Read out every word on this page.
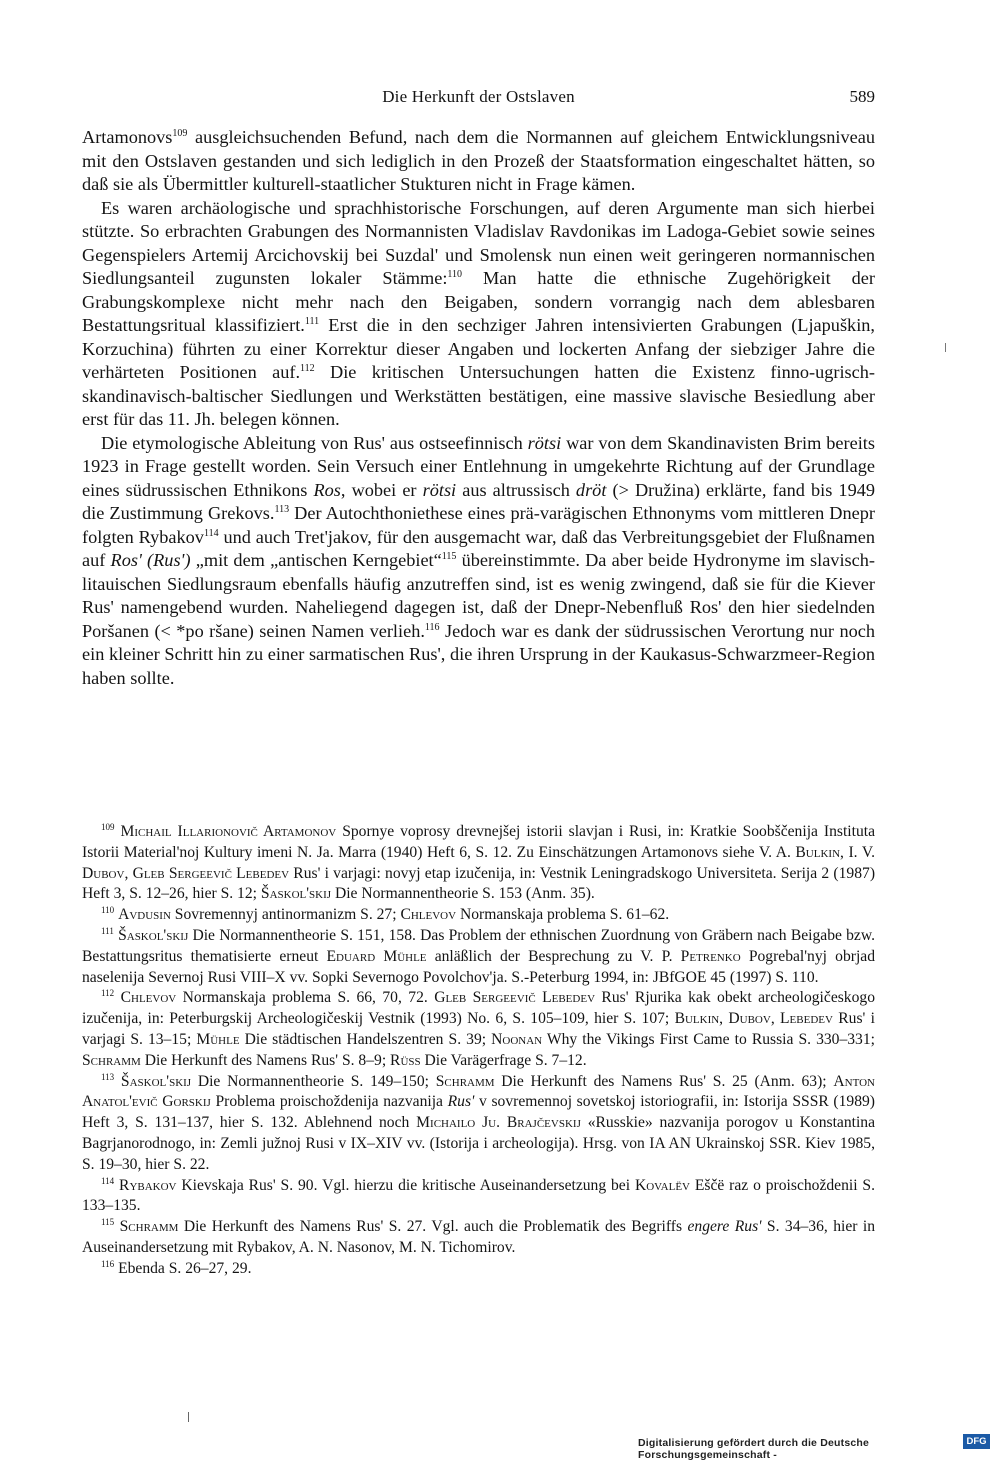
Die Herkunft der Ostslaven	589

Artamonovs$^{109}$ ausgleichsuchenden Befund, nach dem die Normannen auf gleichem Entwicklungsniveau mit den Ostslaven gestanden und sich lediglich in den Prozeß der Staatsformation eingeschaltet hätten, so daß sie als Übermittler kulturell-staatlicher Stukturen nicht in Frage kämen.

Es waren archäologische und sprachhistorische Forschungen, auf deren Argumente man sich hierbei stützte. So erbrachten Grabungen des Normannisten Vladislav Ravdonikas im Ladoga-Gebiet sowie seines Gegenspielers Artemij Arcichovskij bei Suzdal' und Smolensk nun einen weit geringeren normannischen Siedlungsanteil zugunsten lokaler Stämme:$^{110}$ Man hatte die ethnische Zugehörigkeit der Grabungskomplexe nicht mehr nach den Beigaben, sondern vorrangig nach dem ablesbaren Bestattungsritual klassifiziert.$^{111}$ Erst die in den sechziger Jahren intensivierten Grabungen (Ljapuškin, Korzuchina) führten zu einer Korrektur dieser Angaben und lockerten Anfang der siebziger Jahre die verhärteten Positionen auf.$^{112}$ Die kritischen Untersuchungen hatten die Existenz finno-ugrisch-skandinavisch-baltischer Siedlungen und Werkstätten bestätigen, eine massive slavische Besiedlung aber erst für das 11. Jh. belegen können.

Die etymologische Ableitung von Rus' aus ostseefinnisch rötsi war von dem Skandinavisten Brim bereits 1923 in Frage gestellt worden. Sein Versuch einer Entlehnung in umgekehrte Richtung auf der Grundlage eines südrussischen Ethnikons Ros, wobei er rötsi aus altrussisch dröt (> Družina) erklärte, fand bis 1949 die Zustimmung Grekovs.$^{113}$ Der Autochthoniethese eines prä-varägischen Ethnonyms vom mittleren Dnepr folgten Rybakov$^{114}$ und auch Tret'jakov, für den ausgemacht war, daß das Verbreitungsgebiet der Flußnamen auf Ros' (Rus') „mit dem „antischen Kerngebiet“$^{115}$ übereinstimmte. Da aber beide Hydronyme im slavisch-litauischen Siedlungsraum ebenfalls häufig anzutreffen sind, ist es wenig zwingend, daß sie für die Kiever Rus' namengebend wurden. Naheliegend dagegen ist, daß der Dnepr-Nebenfluß Ros' den hier siedelnden Poršanen (< *po ršane) seinen Namen verlieh.$^{116}$ Jedoch war es dank der südrussischen Verortung nur noch ein kleiner Schritt hin zu einer sarmatischen Rus', die ihren Ursprung in der Kaukasus-Schwarzmeer-Region haben sollte.

$^{109}$ Michail Illarionovič Artamonov Spornye voprosy drevnejšej istorii slavjan i Rusi, in: Kratkie Soobščenija Instituta Istorii Material'noj Kultury imeni N. Ja. Marra (1940) Heft 6, S. 12. Zu Einschätzungen Artamonovs siehe V. A. Bulkin, I. V. Dubov, Gleb Sergeevič Lebedev Rus' i varjagi: novyj etap izučenija, in: Vestnik Leningradskogo Universiteta. Serija 2 (1987) Heft 3, S. 12–26, hier S. 12; Šaskol'skij Die Normannentheorie S. 153 (Anm. 35).

$^{110}$ Avdusin Sovremennyj antinormanizm S. 27; Chlevov Normanskaja problema S. 61–62.

$^{111}$ Šaskol'skij Die Normannentheorie S. 151, 158. Das Problem der ethnischen Zuordnung von Gräbern nach Beigabe bzw. Bestattungsritus thematisierte erneut Eduard Mühle anläßlich der Besprechung zu V. P. Petrenko Pogrebal'nyj obrjad naselenija Severnoj Rusi VIII–X vv. Sopki Severnogo Povolchov'ja. S.-Peterburg 1994, in: JBfGOE 45 (1997) S. 110.

$^{112}$ Chlevov Normanskaja problema S. 66, 70, 72. Gleb Sergeevič Lebedev Rus' Rjurika kak obekt archeologičeskogo izučenija, in: Peterburgskij Archeologičeskij Vestnik (1993) No. 6, S. 105–109, hier S. 107; Bulkin, Dubov, Lebedev Rus' i varjagi S. 13–15; Mühle Die städtischen Handelszentren S. 39; Noonan Why the Vikings First Came to Russia S. 330–331; Schramm Die Herkunft des Namens Rus' S. 8–9; Rüß Die Varägerfrage S. 7–12.

$^{113}$ Šaskol'skij Die Normannentheorie S. 149–150; Schramm Die Herkunft des Namens Rus' S. 25 (Anm. 63); Anton Anatol'evič Gorskij Problema proischoždenija nazvanija Rus' v sovremennoj sovetskoj istoriografii, in: Istorija SSSR (1989) Heft 3, S. 131–137, hier S. 132. Ablehnend noch Michailo Ju. Brajčevskij «Russkie» nazvanija porogov u Konstantina Bagrjanorodnogo, in: Zemli južnoj Rusi v IX–XIV vv. (Istorija i archeologija). Hrsg. von IA AN Ukrainskoj SSR. Kiev 1985, S. 19–30, hier S. 22.

$^{114}$ Rybakov Kievskaja Rus' S. 90. Vgl. hierzu die kritische Auseinandersetzung bei Kovalëv Eščë raz o proischoždenii S. 133–135.

$^{115}$ Schramm Die Herkunft des Namens Rus' S. 27. Vgl. auch die Problematik des Begriffs engere Rus' S. 34–36, hier in Auseinandersetzung mit Rybakov, A. N. Nasonov, M. N. Tichomirov.

$^{116}$ Ebenda S. 26–27, 29.

Digitalisierung gefördert durch die Deutsche Forschungsgemeinschaft -
DFG
